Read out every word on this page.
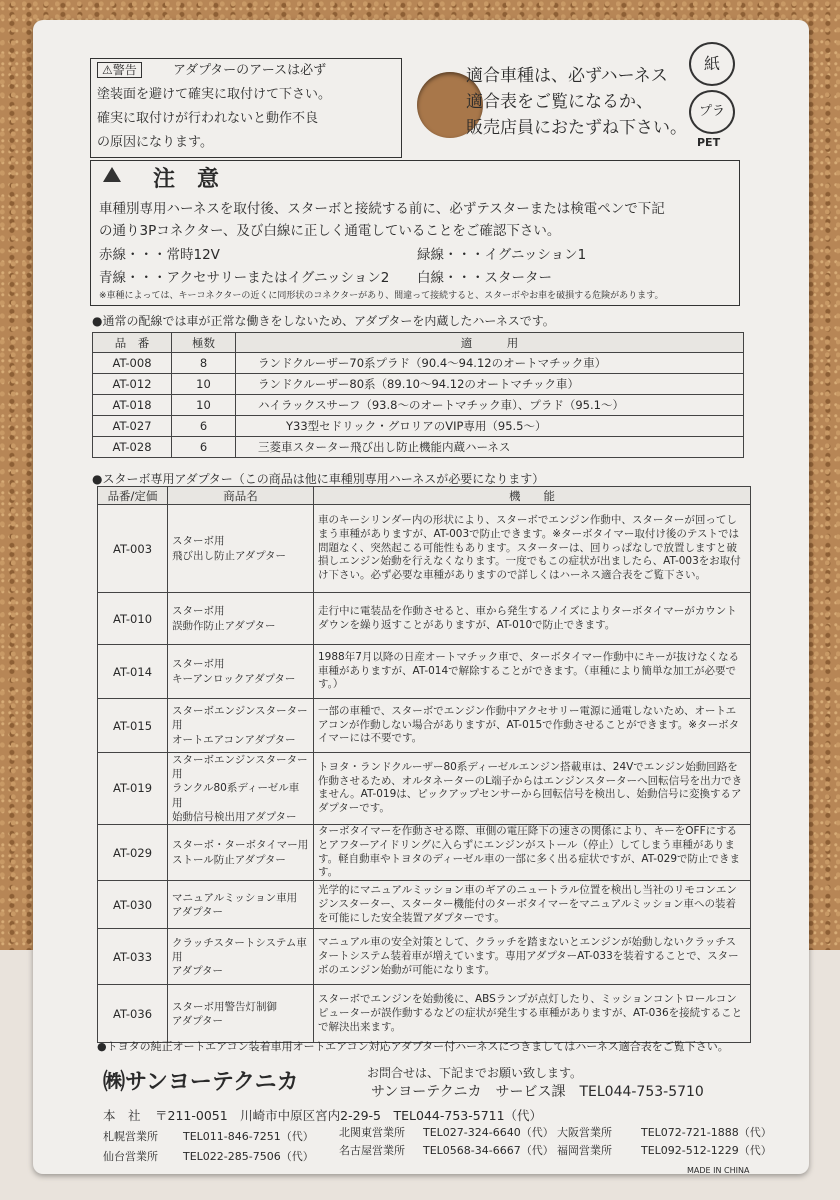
⚠警告	アダプターのアースは必ず
塗装面を避けて確実に取付けて下さい。
確実に取付けが行われないと動作不良
の原因になります。
適合車種は、必ずハーネス
適合表をご覧になるか、
販売店員におたずね下さい。
紙
プラ
PET
注　意
車種別専用ハーネスを取付後、スターボと接続する前に、必ずテスターまたは検電ペンで下記
の通り3Pコネクター、及び白線に正しく通電していることをご確認下さい。
赤線・・・常時12V	緑線・・・イグニッション1
青線・・・アクセサリーまたはイグニッション2 白線・・・スターター
※車種によっては、キーコネクターの近くに同形状のコネクターがあり、間違って接続すると、スターボやお車を破損する危険があります。
●通常の配線では車が正常な働きをしないため、アダプターを内蔵したハーネスです。
品　番	極数	適　　　用
AT-008	8	ランドクルーザー70系プラド（90.4～94.12のオートマチック車）
AT-012	10	ランドクルーザー80系（89.10～94.12のオートマチック車）
AT-018	10	ハイラックスサーフ（93.8～のオートマチック車）、プラド（95.1～）
AT-027	6	Y33型セドリック・グロリアのVIP専用（95.5～）
AT-028	6	三菱車スターター飛び出し防止機能内蔵ハーネス
●スターボ専用アダプター（この商品は他に車種別専用ハーネスが必要になります）
品番/定価	商品名	機　　能
AT-003	スターボ用
飛び出し防止アダプター	車のキーシリンダー内の形状により、スターボでエンジン作動中、スターターが回ってしまう車種がありますが、AT-003で防止できます。※ターボタイマー取付け後のテストでは問題なく、突然起こる可能性もあります。スターターは、回りっぱなしで放置しますと破損しエンジン始動を行えなくなります。一度でもこの症状が出ましたら、AT-003をお取付け下さい。必ず必要な車種がありますので詳しくはハーネス適合表をご覧下さい。
AT-010	スターボ用
誤動作防止アダプター	走行中に電装品を作動させると、車から発生するノイズによりターボタイマーがカウントダウンを繰り返すことがありますが、AT-010で防止できます。
AT-014	スターボ用
キーアンロックアダプター	1988年7月以降の日産オートマチック車で、ターボタイマー作動中にキーが抜けなくなる車種がありますが、AT-014で解除することができます。（車種により簡単な加工が必要です。）
AT-015	スターボエンジンスターター用
オートエアコンアダプター	一部の車種で、スターボでエンジン作動中アクセサリー電源に通電しないため、オートエアコンが作動しない場合がありますが、AT-015で作動させることができます。※ターボタイマーには不要です。
AT-019	スターボエンジンスターター用
ランクル80系ディーゼル車用
始動信号検出用アダプター	トヨタ・ランドクルーザー80系ディーゼルエンジン搭載車は、24Vでエンジン始動回路を作動させるため、オルタネーターのL端子からはエンジンスターターへ回転信号を出力できません。AT-019は、ピックアップセンサーから回転信号を検出し、始動信号に変換するアダプターです。
AT-029	スターボ・ターボタイマー用
ストール防止アダプター	ターボタイマーを作動させる際、車側の電圧降下の速さの関係により、キーをOFFにするとアフターアイドリングに入らずにエンジンがストール（停止）してしまう車種があります。軽自動車やトヨタのディーゼル車の一部に多く出る症状ですが、AT-029で防止できます。
AT-030	マニュアルミッション車用
アダプター	光学的にマニュアルミッション車のギアのニュートラル位置を検出し当社のリモコンエンジンスターター、スターター機能付のターボタイマーをマニュアルミッション車への装着を可能にした安全装置アダプターです。
AT-033	クラッチスタートシステム車用
アダプター	マニュアル車の安全対策として、クラッチを踏まないとエンジンが始動しないクラッチスタートシステム装着車が増えています。専用アダプターAT-033を装着することで、スターボのエンジン始動が可能になります。
AT-036	スターボ用警告灯制御
アダプター	スターボでエンジンを始動後に、ABSランプが点灯したり、ミッションコントロールコンピューターが誤作動するなどの症状が発生する車種がありますが、AT-036を接続することで解決出来ます。
●トヨタの純正オートエアコン装着車用オートエアコン対応アダプター付ハーネスにつきましてはハーネス適合表をご覧下さい。
㈱サンヨーテクニカ	お問合せは、下記までお願い致します。
サンヨーテクニカ　サービス課　TEL044-753-5710
本　社 〒211-0051　川崎市中原区宮内2-29-5　TEL044-753-5711（代）
札幌営業所 TEL011-846-7251（代） 北関東営業所 TEL027-324-6640（代） 大阪営業所	TEL072-721-1888（代）
仙台営業所 TEL022-285-7506（代） 名古屋営業所 TEL0568-34-6667（代） 福岡営業所	TEL092-512-1229（代）
MADE IN CHINA
